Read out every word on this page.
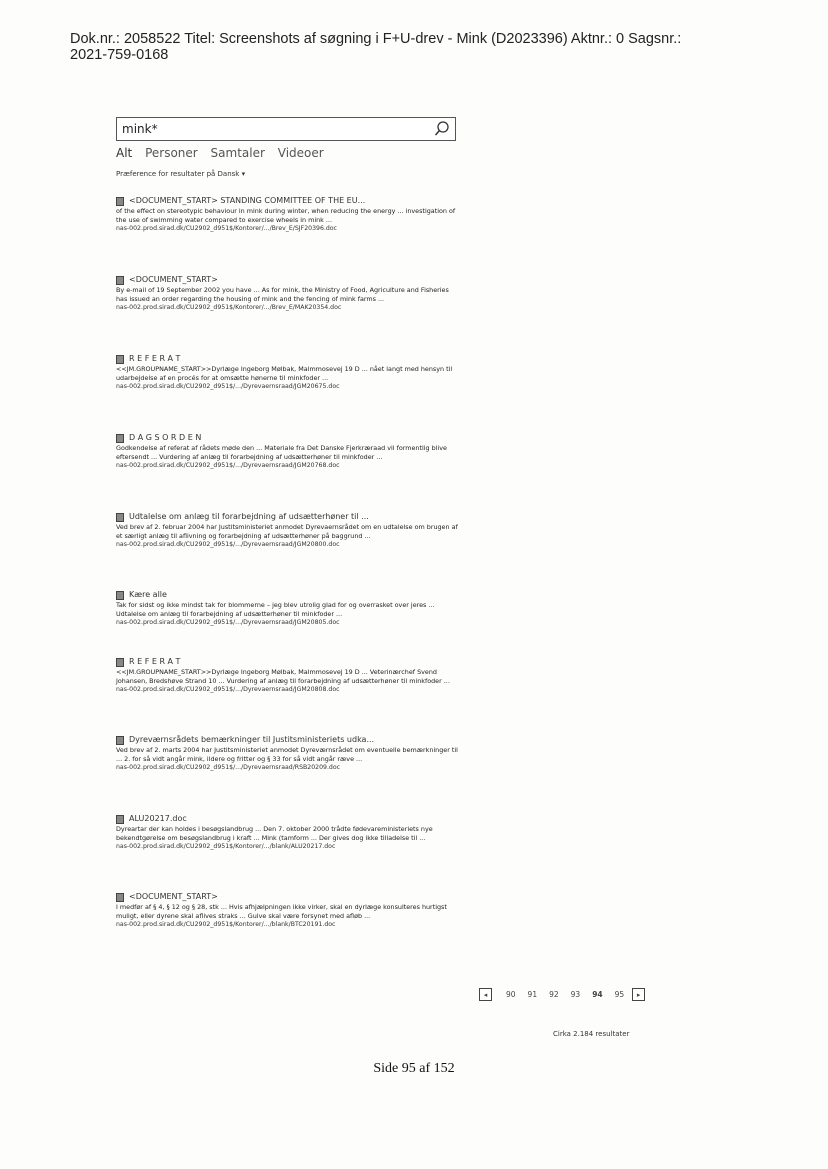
Dok.nr.: 2058522 Titel: Screenshots af søgning i F+U-drev - Mink (D2023396) Aktnr.: 0 Sagsnr.:
2021-759-0168
mink*
Alt Personer Samtaler Videoer
Præference for resultater på Dansk ▾
<DOCUMENT_START> STANDING COMMITTEE OF THE EU...
of the effect on stereotypic behaviour in mink during winter, when reducing the energy ... investigation of the use of swimming water compared to exercise wheels in mink ...
nas-002.prod.sirad.dk/CU2902_d951$/Kontorer/.../Brev_E/SJF20396.doc
<DOCUMENT_START>
By e-mail of 19 September 2002 you have ... As for mink, the Ministry of Food, Agriculture and Fisheries has issued an order regarding the housing of mink and the fencing of mink farms ...
nas-002.prod.sirad.dk/CU2902_d951$/Kontorer/.../Brev_E/MAK20354.doc
R E F E R A T
<<JM.GROUPNAME_START>>Dyrlæge Ingeborg Mølbak, Malmmosevej 19 D ... nået langt med hensyn til udarbejdelse af en procés for at omsætte hønerne til minkfoder ...
nas-002.prod.sirad.dk/CU2902_d951$/.../Dyrevaernsraad/JGM20675.doc
D A G S O R D E N
Godkendelse af referat af rådets møde den ... Materiale fra Det Danske Fjerkræraad vil formentlig blive eftersendt ... Vurdering af anlæg til forarbejdning af udsætterhøner til minkfoder ...
nas-002.prod.sirad.dk/CU2902_d951$/.../Dyrevaernsraad/JGM20768.doc
Udtalelse om anlæg til forarbejdning af udsætterhøner til ...
Ved brev af 2. februar 2004 har Justitsministeriet anmodet Dyrevaernsrådet om en udtalelse om brugen af et særligt anlæg til aflivning og forarbejdning af udsætterhøner på baggrund ...
nas-002.prod.sirad.dk/CU2902_d951$/.../Dyrevaernsraad/JGM20800.doc
Kære alle
Tak for sidst og ikke mindst tak for blommerne – jeg blev utrolig glad for og overrasket over jeres ... Udtalelse om anlæg til forarbejdning af udsætterhøner til minkfoder ...
nas-002.prod.sirad.dk/CU2902_d951$/.../Dyrevaernsraad/JGM20805.doc
R E F E R A T
<<JM.GROUPNAME_START>>Dyrlæge Ingeborg Mølbak, Malmmosevej 19 D ... Veterinærchef Svend Johansen, Bredshøve Strand 10 ... Vurdering af anlæg til forarbejdning af udsætterhøner til minkfoder ...
nas-002.prod.sirad.dk/CU2902_d951$/.../Dyrevaernsraad/JGM20808.doc
Dyreværnsrådets bemærkninger til Justitsministeriets udka...
Ved brev af 2. marts 2004 har Justitsministeriet anmodet Dyreværnsrådet om eventuelle bemærkninger til ... 2. for så vidt angår mink, ildere og fritter og § 33 for så vidt angår ræve ...
nas-002.prod.sirad.dk/CU2902_d951$/.../Dyrevaernsraad/RSB20209.doc
ALU20217.doc
Dyreartar der kan holdes i besøgslandbrug ... Den 7. oktober 2000 trådte fødevareministeriets nye bekendtgørelse om besøgslandbrug i kraft ... Mink (tamform ... Der gives dog ikke tilladelse til ...
nas-002.prod.sirad.dk/CU2902_d951$/Kontorer/.../blank/ALU20217.doc
<DOCUMENT_START>
I medfør af § 4, § 12 og § 28, stk ... Hvis afhjælpningen ikke virker, skal en dyrlæge konsulteres hurtigst muligt, eller dyrene skal aflives straks ... Gulve skal være forsynet med afløb ...
nas-002.prod.sirad.dk/CU2902_d951$/Kontorer/.../blank/BTC20191.doc
◂	90 91 92 93 94 95	▸
Cirka 2.184 resultater
Side 95 af 152
